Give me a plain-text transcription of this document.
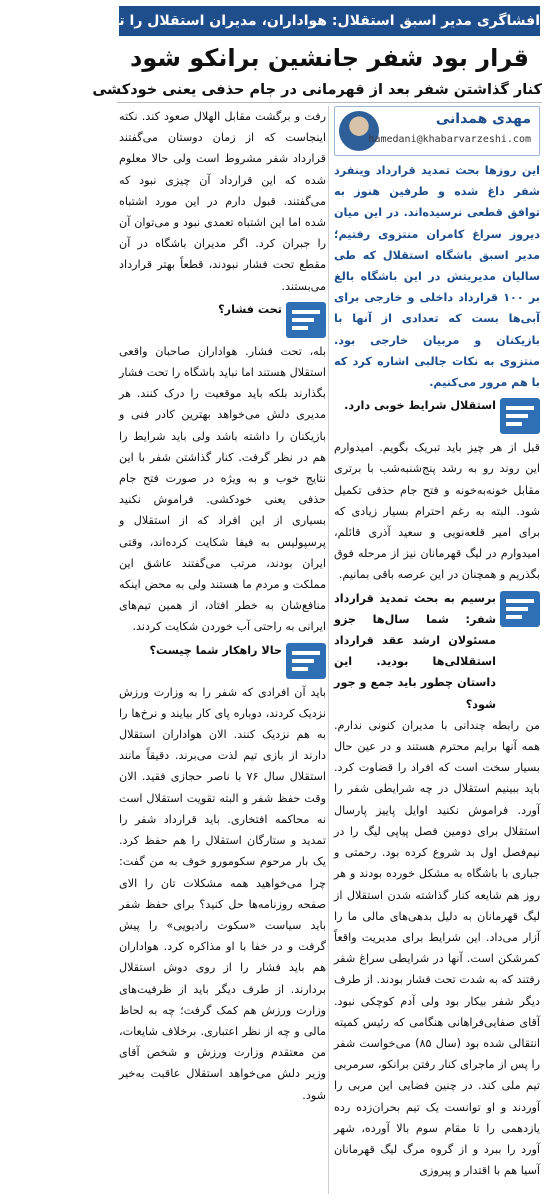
افشاگری مدیر اسبق استقلال: هواداران، مدیران استقلال را تحت فشار نگذارند
قرار بود شفر جانشین برانکو شود
کنار گذاشتن شفر بعد از قهرمانی در جام حذفی یعنی خودکشی
مهدی همدانی
hamedani@khabarvarzeshi.com

این روزها بحث تمدید قرارداد وینفرد شفر داغ شده و طرفین هنوز به توافق قطعی نرسیده‌اند. در این میان دیروز سراغ کامران منتزوی رفتیم؛ مدیر اسبق باشگاه استقلال که طی سالیان مدیریتش در این باشگاه بالغ بر ۱۰۰ قرارداد داخلی و خارجی برای آبی‌ها بست که تعدادی از آنها با بازیکنان و مربیان خارجی بود. منتزوی به نکات جالبی اشاره کرد که با هم مرور می‌کنیم.

استقلال شرایط خوبی دارد.

قبل از هر چیز باید تبریک بگویم. امیدوارم این روند رو به رشد پنج‌شنبه‌شب با برتری مقابل خونه‌به‌خونه و فتح جام حذفی تکمیل شود. البته به رغم احترام بسیار زیادی که برای امیر قلعه‌نویی و سعید آذری قائلم، امیدوارم در لیگ قهرمانان نیز از مرحله فوق بگذریم و همچنان در این عرصه باقی بمانیم.

برسیم به بحث تمدید قرارداد شفر: شما سال‌ها جزو مسئولان ارشد عقد قرارداد استقلالی‌ها بودید. این داستان چطور باید جمع و جور شود؟

من رابطه چندانی با مدیران کنونی ندارم. همه آنها برایم محترم هستند و در عین حال بسیار سخت است که افراد را قضاوت کرد. باید ببینیم استقلال در چه شرایطی شفر را آورد. فراموش نکنید اوایل پاییز پارسال استقلال برای دومین فصل پیاپی لیگ را در نیم‌فصل اول بد شروع کرده بود. رحمتی و جباری با باشگاه به مشکل خورده بودند و هر روز هم شایعه کنار گذاشته شدن استقلال از لیگ قهرمانان به دلیل بدهی‌های مالی ما را آزار می‌داد. این شرایط برای مدیریت واقعاً کمرشکن است. آنها در شرایطی سراغ شفر رفتند که به شدت تحت فشار بودند. از طرف دیگر شفر بیکار بود ولی آدم کوچکی نبود. آقای صفایی‌فراهانی هنگامی که رئیس کمیته انتقالی شده بود (سال ۸۵) می‌خواست شفر را پس از ماجرای کنار رفتن برانکو، سرمربی تیم ملی کند. در چنین فضایی این مربی را آوردند و او توانست یک تیم بحران‌زده رده یازدهمی را تا مقام سوم بالا آورده، شهر آورد را ببرد و از گروه مرگ لیگ قهرمانان آسیا هم با اقتدار و پیروزی

رفت و برگشت مقابل الهلال صعود کند. نکته اینجاست که از زمان دوستان می‌گفتند قرارداد شفر مشروط است ولی حالا معلوم شده که این قرارداد آن چیزی نبود که می‌گفتند. قبول دارم در این مورد اشتباه شده اما این اشتباه تعمدی نبود و می‌توان آن را جبران کرد. اگر مدیران باشگاه در آن مقطع تحت فشار نبودند، قطعاً بهتر قرارداد می‌بستند.

تحت فشار؟

بله، تحت فشار. هواداران صاحبان واقعی استقلال هستند اما نباید باشگاه را تحت فشار بگذارند بلکه باید موقعیت را درک کنند. هر مدیری دلش می‌خواهد بهترین کادر فنی و بازیکنان را داشته باشد ولی باید شرایط را هم در نظر گرفت. کنار گذاشتن شفر با این نتایج خوب و به ویژه در صورت فتح جام حذفی یعنی خودکشی. فراموش نکنید بسیاری از این افراد که از استقلال و پرسپولیس به فیفا شکایت کرده‌اند، وقتی ایران بودند، مرتب می‌گفتند عاشق این مملکت و مردم ما هستند ولی به محض اینکه منافع‌شان به خطر افتاد، از همین تیم‌های ایرانی به راحتی آب خوردن شکایت کردند.

حالا راهکار شما چیست؟

باید آن افرادی که شفر را به وزارت ورزش نزدیک کردند، دوباره پای کار بیایند و نرخ‌ها را به هم نزدیک کنند. الان هواداران استقلال دارند از بازی تیم لذت می‌برند. دقیقاً مانند استقلال سال ۷۶ با ناصر حجازی فقید. الان وقت حفظ شفر و البته تقویت استقلال است نه محاکمه افتخاری. باید قرارداد شفر را تمدید و ستارگان استقلال را هم حفظ کرد. یک بار مرحوم سکومورو خوف به من گفت: چرا می‌خواهید همه مشکلات تان را الای صفحه روزنامه‌ها حل کنید؟ برای حفظ شفر باید سیاست «سکوت رادیویی» را پیش گرفت و در خفا با او مذاکره کرد. هواداران هم باید فشار را از روی دوش استقلال بردارند. از طرف دیگر باید از ظرفیت‌های وزارت ورزش هم کمک گرفت؛ چه به لحاظ مالی و چه از نظر اعتباری. برخلاف شایعات، من معتقدم وزارت ورزش و شخص آقای وزیر دلش می‌خواهد استقلال عاقبت به‌خیر شود.
